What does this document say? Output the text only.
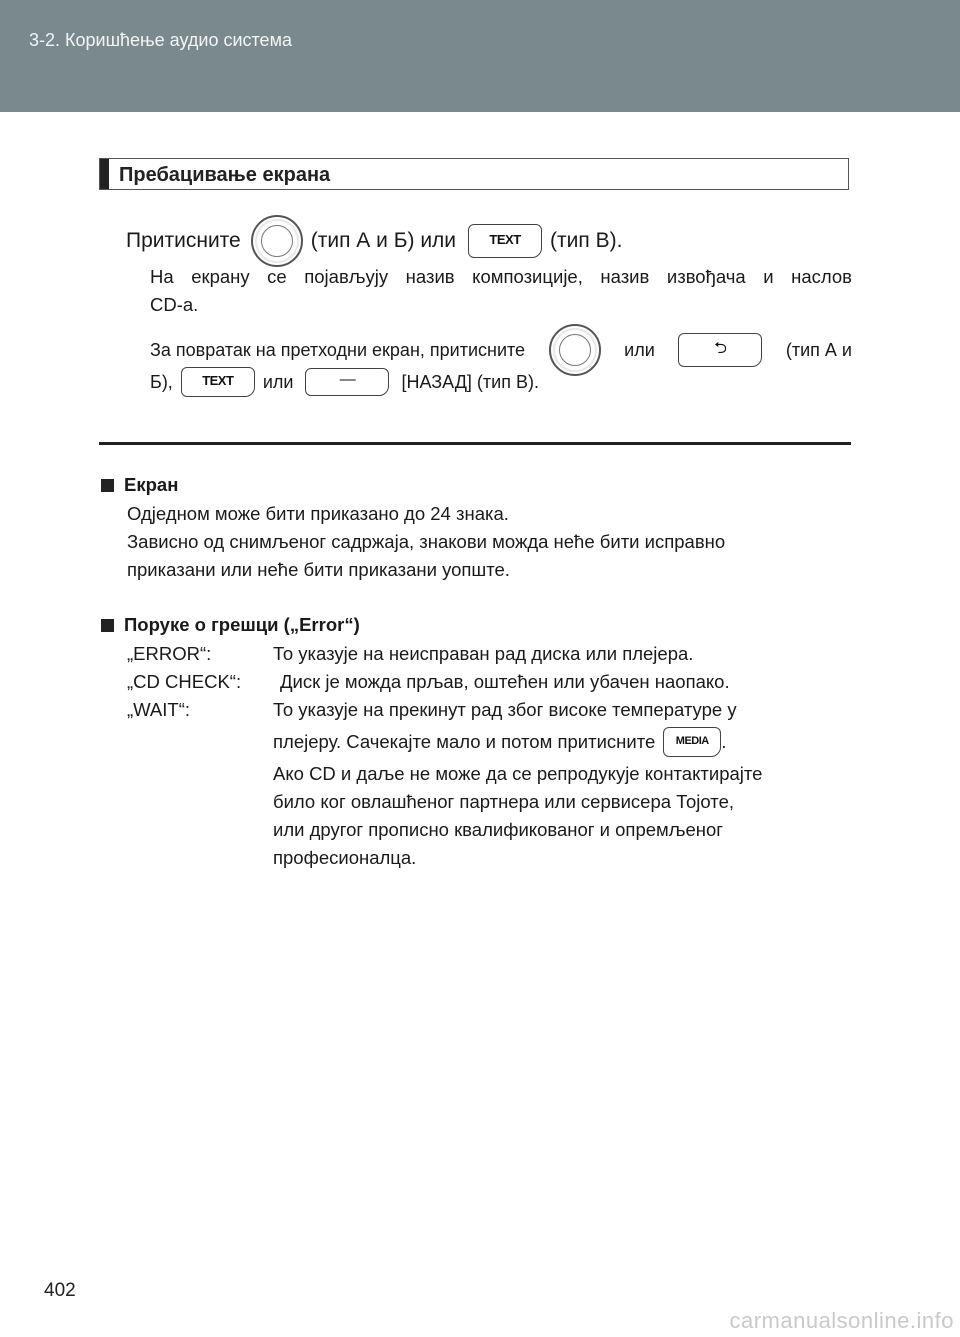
3-2. Коришћење аудио система
Пребацивање екрана
Притисните	(тип А и Б) или	TEXT	(тип В).
На екрану се појављују назив композиције, назив извођача и наслов
CD-а.
За повратак на претходни екран, притисните	или	⮌	(тип А и
Б),	TEXT	или	—	[НАЗАД] (тип В).
Екран
Одједном може бити приказано до 24 знака.
Зависно од снимљеног садржаја, знакови можда неће бити исправно
приказани или неће бити приказани уопште.
Поруке о грешци („Error“)
„ERROR“:	То указује на неисправан рад диска или плејера.
„CD CHECK“:	Диск је можда прљав, оштећен или убачен наопако.
„WAIT“:	То указује на прекинут рад због високе температуре у
плејеру. Сачекајте мало и потом притисните	MEDIA .
Ако CD и даље не може да се репродукује контактирајте
било ког овлашћеног партнера или сервисера Тојоте,
или другог прописно квалификованог и опремљеног
професионалца.
402
carmanualsonline.info
